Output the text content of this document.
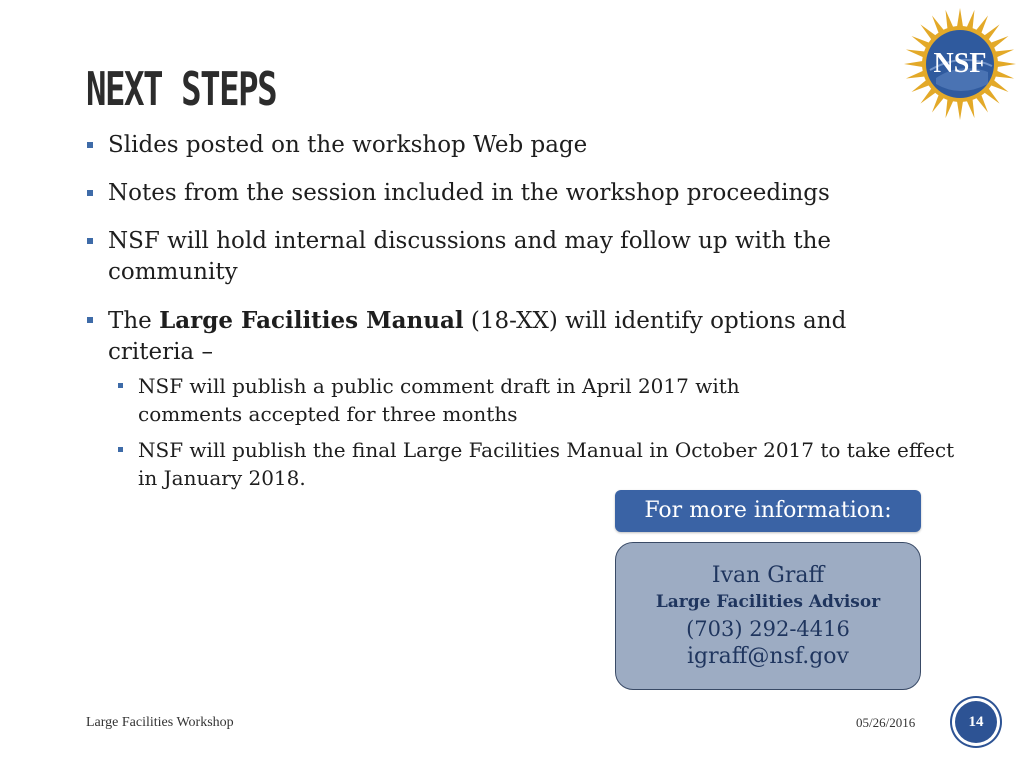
NEXT STEPS	NSF
Slides posted on the workshop Web page
Notes from the session included in the workshop proceedings
NSF will hold internal discussions and may follow up with the community
The Large Facilities Manual (18-XX) will identify options and criteria –
NSF will publish a public comment draft in April 2017 with comments accepted for three months
NSF will publish the final Large Facilities Manual in October 2017 to take effect in January 2018.
For more information:
Ivan Graff
Large Facilities Advisor
(703) 292-4416
igraff@nsf.gov
Large Facilities Workshop	05/26/2016	14
